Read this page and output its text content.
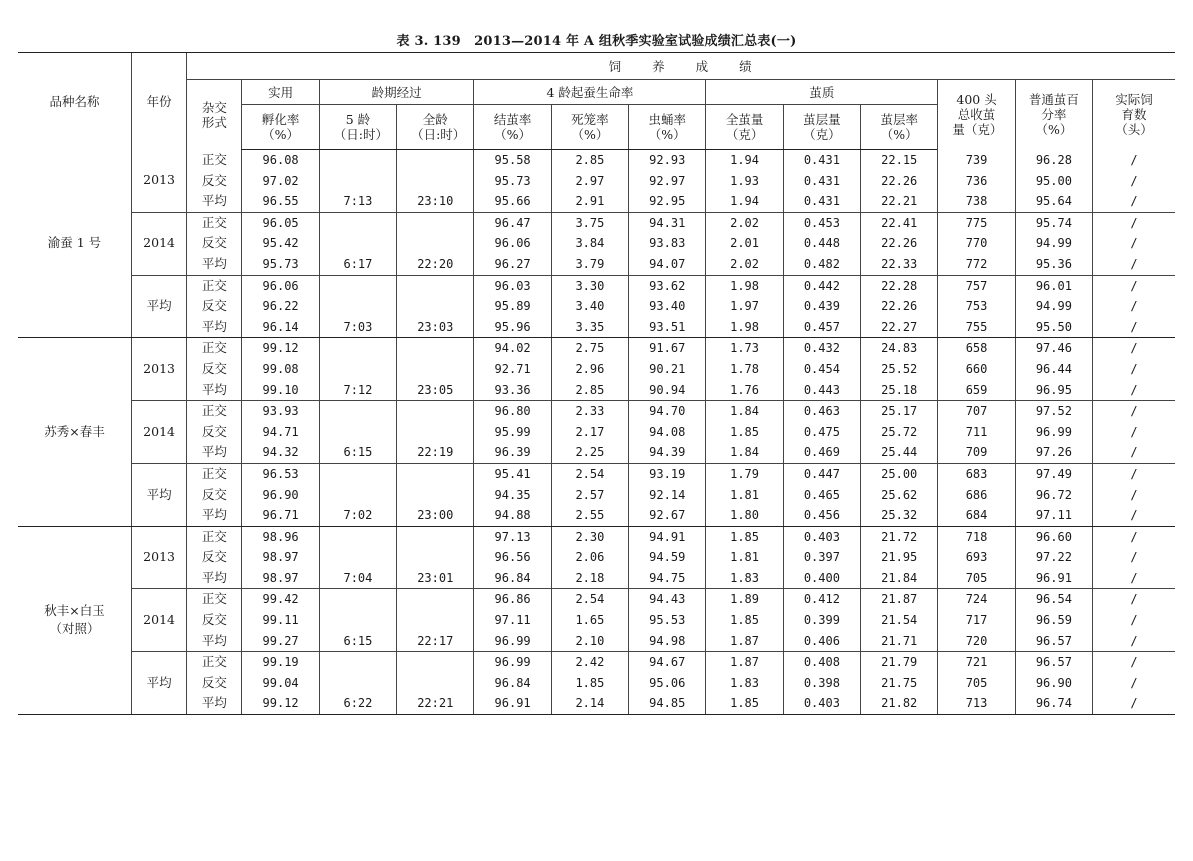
表 3. 139　2013—2014 年 A 组秋季实验室试验成绩汇总表(一)
品种名称	年份	饲　　养　　成　　绩												
		杂交形式	实用	龄期经过		4 龄起蚕生命率			茧质			400 头总收茧量（克）	普通茧百分率（%）	实际饲育数（头）
			孵化率（%）	5 龄（日:时）	全龄（日:时）	结茧率（%）	死笼率（%）	虫蛹率（%）	全茧量（克）	茧层量（克）	茧层率（%）			

渝蚕 1 号	2013	正交	96.08			95.58	2.85	92.93	1.94	0.431	22.15	739	96.28	/
		反交	97.02			95.73	2.97	92.97	1.93	0.431	22.26	736	95.00	/
		平均	96.55	7:13	23:10	95.66	2.91	92.95	1.94	0.431	22.21	738	95.64	/
	2014	正交	96.05			96.47	3.75	94.31	2.02	0.453	22.41	775	95.74	/
		反交	95.42			96.06	3.84	93.83	2.01	0.448	22.26	770	94.99	/
		平均	95.73	6:17	22:20	96.27	3.79	94.07	2.02	0.482	22.33	772	95.36	/
	平均	正交	96.06			96.03	3.30	93.62	1.98	0.442	22.28	757	96.01	/
		反交	96.22			95.89	3.40	93.40	1.97	0.439	22.26	753	94.99	/
		平均	96.14	7:03	23:03	95.96	3.35	93.51	1.98	0.457	22.27	755	95.50	/

苏秀×春丰	2013	正交	99.12			94.02	2.75	91.67	1.73	0.432	24.83	658	97.46	/
		反交	99.08			92.71	2.96	90.21	1.78	0.454	25.52	660	96.44	/
		平均	99.10	7:12	23:05	93.36	2.85	90.94	1.76	0.443	25.18	659	96.95	/
	2014	正交	93.93			96.80	2.33	94.70	1.84	0.463	25.17	707	97.52	/
		反交	94.71			95.99	2.17	94.08	1.85	0.475	25.72	711	96.99	/
		平均	94.32	6:15	22:19	96.39	2.25	94.39	1.84	0.469	25.44	709	97.26	/
	平均	正交	96.53			95.41	2.54	93.19	1.79	0.447	25.00	683	97.49	/
		反交	96.90			94.35	2.57	92.14	1.81	0.465	25.62	686	96.72	/
		平均	96.71	7:02	23:00	94.88	2.55	92.67	1.80	0.456	25.32	684	97.11	/

秋丰×白玉
（对照）	2013	正交	98.96			97.13	2.30	94.91	1.85	0.403	21.72	718	96.60	/
		反交	98.97			96.56	2.06	94.59	1.81	0.397	21.95	693	97.22	/
		平均	98.97	7:04	23:01	96.84	2.18	94.75	1.83	0.400	21.84	705	96.91	/
	2014	正交	99.42			96.86	2.54	94.43	1.89	0.412	21.87	724	96.54	/
		反交	99.11			97.11	1.65	95.53	1.85	0.399	21.54	717	96.59	/
		平均	99.27	6:15	22:17	96.99	2.10	94.98	1.87	0.406	21.71	720	96.57	/
	平均	正交	99.19			96.99	2.42	94.67	1.87	0.408	21.79	721	96.57	/
		反交	99.04			96.84	1.85	95.06	1.83	0.398	21.75	705	96.90	/
		平均	99.12	6:22	22:21	96.91	2.14	94.85	1.85	0.403	21.82	713	96.74	/
